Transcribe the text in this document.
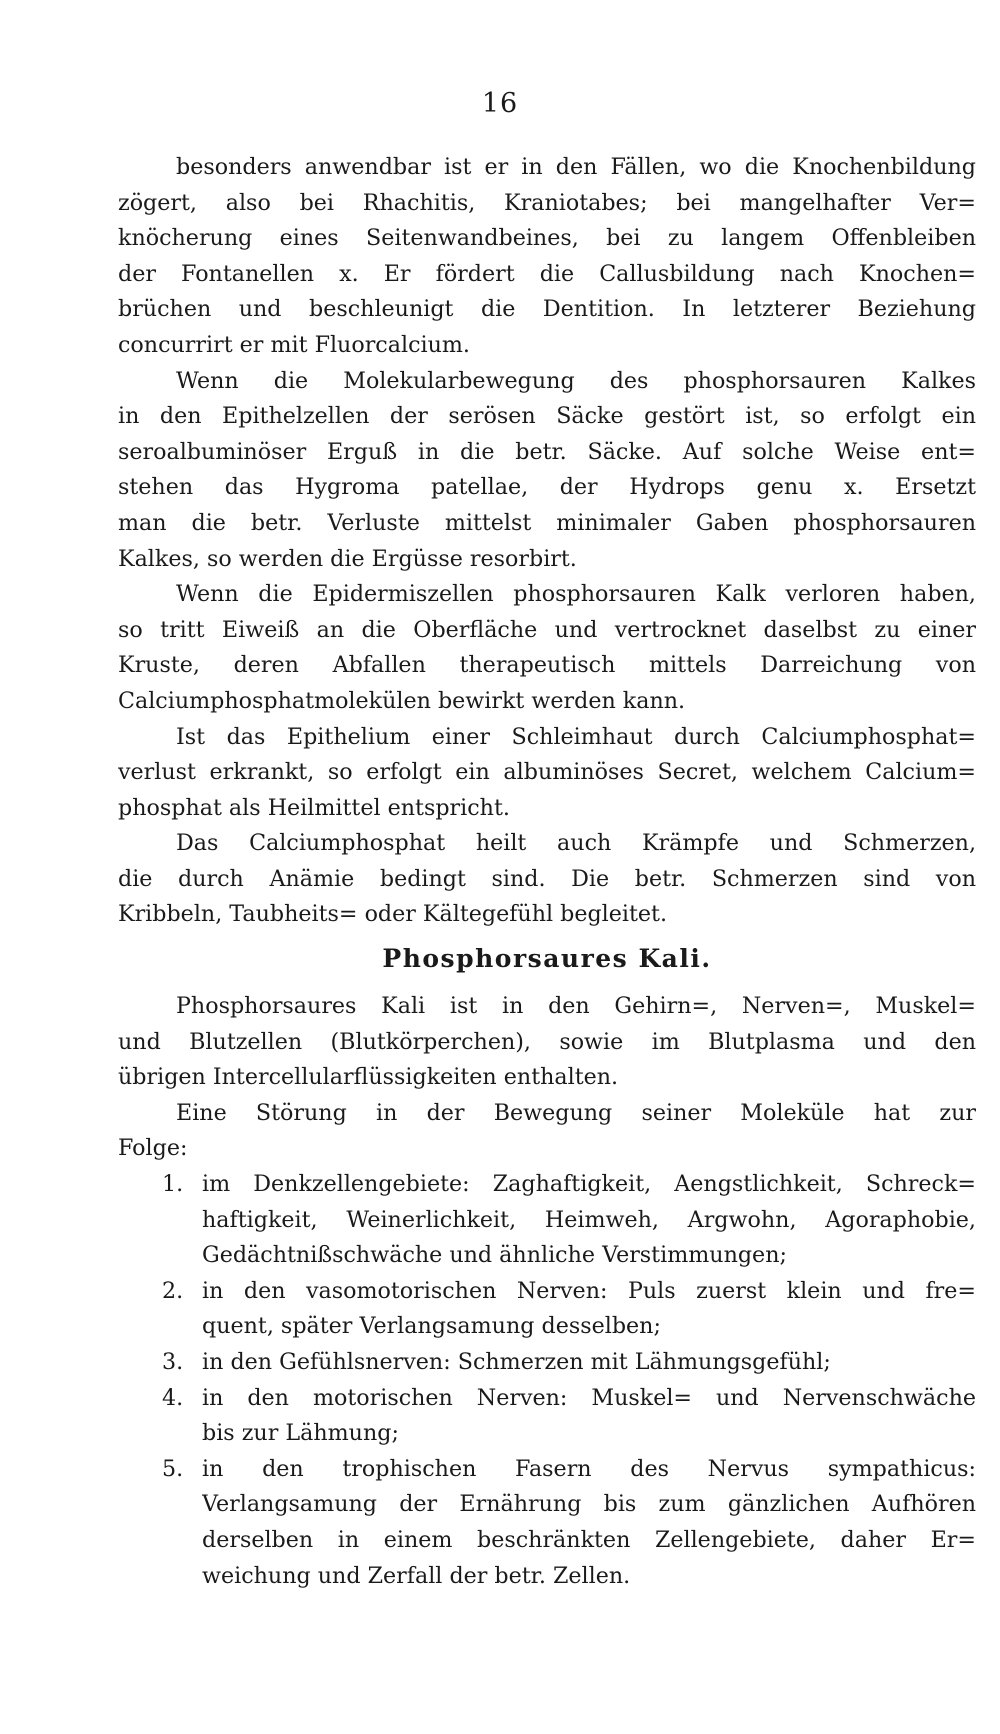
16
besonders anwendbar ist er in den Fällen, wo die Knochenbildung
zögert, also bei Rhachitis, Kraniotabes; bei mangelhafter Ver=
knöcherung eines Seitenwandbeines, bei zu langem Offenbleiben
der Fontanellen x. Er fördert die Callusbildung nach Knochen=
brüchen und beschleunigt die Dentition. In letzterer Beziehung
concurrirt er mit Fluorcalcium.
Wenn die Molekularbewegung des phosphorsauren Kalkes
in den Epithelzellen der serösen Säcke gestört ist, so erfolgt ein
seroalbuminöser Erguß in die betr. Säcke. Auf solche Weise ent=
stehen das Hygroma patellae, der Hydrops genu x. Ersetzt
man die betr. Verluste mittelst minimaler Gaben phosphorsauren
Kalkes, so werden die Ergüsse resorbirt.
Wenn die Epidermiszellen phosphorsauren Kalk verloren haben,
so tritt Eiweiß an die Oberfläche und vertrocknet daselbst zu einer
Kruste, deren Abfallen therapeutisch mittels Darreichung von
Calciumphosphatmolekülen bewirkt werden kann.
Ist das Epithelium einer Schleimhaut durch Calciumphosphat=
verlust erkrankt, so erfolgt ein albuminöses Secret, welchem Calcium=
phosphat als Heilmittel entspricht.
Das Calciumphosphat heilt auch Krämpfe und Schmerzen,
die durch Anämie bedingt sind. Die betr. Schmerzen sind von
Kribbeln, Taubheits= oder Kältegefühl begleitet.
Phosphorsaures Kali.
Phosphorsaures Kali ist in den Gehirn=, Nerven=, Muskel=
und Blutzellen (Blutkörperchen), sowie im Blutplasma und den
übrigen Intercellularflüssigkeiten enthalten.
Eine Störung in der Bewegung seiner Moleküle hat zur
Folge:
1. im Denkzellengebiete: Zaghaftigkeit, Aengstlichkeit, Schreck=
haftigkeit, Weinerlichkeit, Heimweh, Argwohn, Agoraphobie,
Gedächtnißschwäche und ähnliche Verstimmungen;
2. in den vasomotorischen Nerven: Puls zuerst klein und fre=
quent, später Verlangsamung desselben;
3. in den Gefühlsnerven: Schmerzen mit Lähmungsgefühl;
4. in den motorischen Nerven: Muskel= und Nervenschwäche
bis zur Lähmung;
5. in den trophischen Fasern des Nervus sympathicus:
Verlangsamung der Ernährung bis zum gänzlichen Aufhören
derselben in einem beschränkten Zellengebiete, daher Er=
weichung und Zerfall der betr. Zellen.
